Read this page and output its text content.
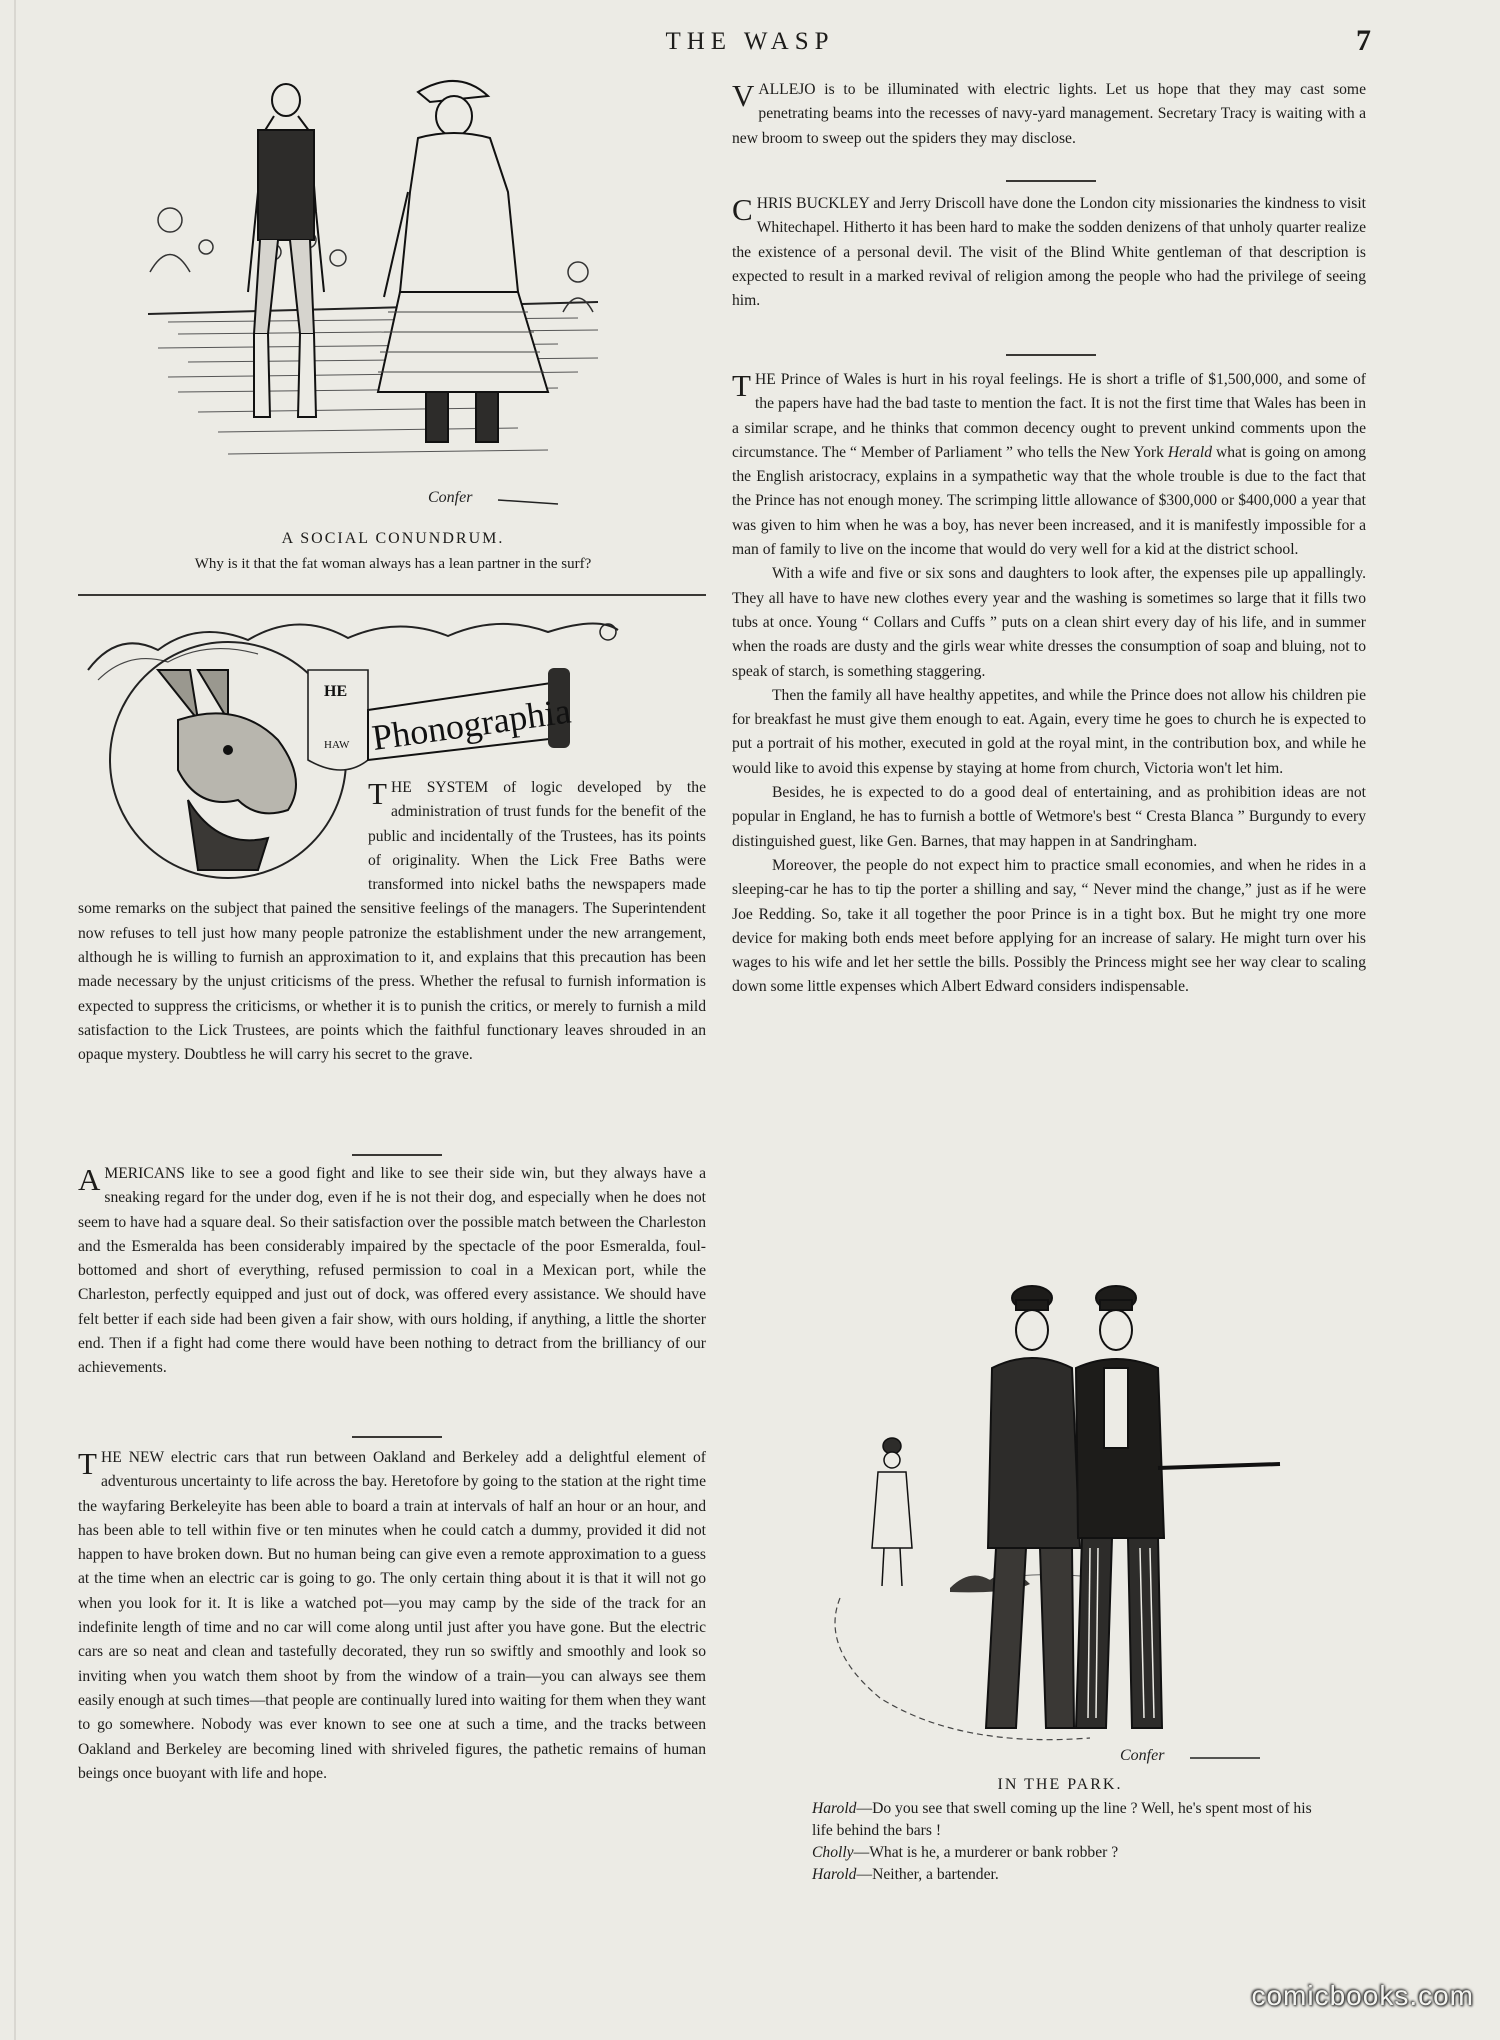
THE WASP	7
Confer
A SOCIAL CONUNDRUM.
Why is it that the fat woman always has a lean partner in the surf?
HE
HAW Phonographia

THE SYSTEM of logic developed by the administration of trust funds for the benefit of the public and incidentally of the Trustees, has its points of originality. When the Lick Free Baths were transformed into nickel baths the newspapers made some remarks on the subject that pained the sensitive feelings of the managers. The Superintendent now refuses to tell just how many people patronize the establishment under the new arrangement, although he is willing to furnish an approximation to it, and explains that this precaution has been made necessary by the unjust criticisms of the press. Whether the refusal to furnish information is expected to suppress the criticisms, or whether it is to punish the critics, or merely to furnish a mild satisfaction to the Lick Trustees, are points which the faithful functionary leaves shrouded in an opaque mystery. Doubtless he will carry his secret to the grave.

AMERICANS like to see a good fight and like to see their side win, but they always have a sneaking regard for the under dog, even if he is not their dog, and especially when he does not seem to have had a square deal. So their satisfaction over the possible match between the Charleston and the Esmeralda has been considerably impaired by the spectacle of the poor Esmeralda, foul-bottomed and short of everything, refused permission to coal in a Mexican port, while the Charleston, perfectly equipped and just out of dock, was offered every assistance. We should have felt better if each side had been given a fair show, with ours holding, if anything, a little the shorter end. Then if a fight had come there would have been nothing to detract from the brilliancy of our achievements.

THE NEW electric cars that run between Oakland and Berkeley add a delightful element of adventurous uncertainty to life across the bay. Heretofore by going to the station at the right time the wayfaring Berkeleyite has been able to board a train at intervals of half an hour or an hour, and has been able to tell within five or ten minutes when he could catch a dummy, provided it did not happen to have broken down. But no human being can give even a remote approximation to a guess at the time when an electric car is going to go. The only certain thing about it is that it will not go when you look for it. It is like a watched pot—you may camp by the side of the track for an indefinite length of time and no car will come along until just after you have gone. But the electric cars are so neat and clean and tastefully decorated, they run so swiftly and smoothly and look so inviting when you watch them shoot by from the window of a train—you can always see them easily enough at such times—that people are continually lured into waiting for them when they want to go somewhere. Nobody was ever known to see one at such a time, and the tracks between Oakland and Berkeley are becoming lined with shriveled figures, the pathetic remains of human beings once buoyant with life and hope.

VALLEJO is to be illuminated with electric lights. Let us hope that they may cast some penetrating beams into the recesses of navy-yard management. Secretary Tracy is waiting with a new broom to sweep out the spiders they may disclose.

CHRIS BUCKLEY and Jerry Driscoll have done the London city missionaries the kindness to visit Whitechapel. Hitherto it has been hard to make the sodden denizens of that unholy quarter realize the existence of a personal devil. The visit of the Blind White gentleman of that description is expected to result in a marked revival of religion among the people who had the privilege of seeing him.

THE Prince of Wales is hurt in his royal feelings. He is short a trifle of $1,500,000, and some of the papers have had the bad taste to mention the fact. It is not the first time that Wales has been in a similar scrape, and he thinks that common decency ought to prevent unkind comments upon the circumstance. The “ Member of Parliament ” who tells the New York Herald what is going on among the English aristocracy, explains in a sympathetic way that the whole trouble is due to the fact that the Prince has not enough money. The scrimping little allowance of $300,000 or $400,000 a year that was given to him when he was a boy, has never been increased, and it is manifestly impossible for a man of family to live on the income that would do very well for a kid at the district school.

With a wife and five or six sons and daughters to look after, the expenses pile up appallingly. They all have to have new clothes every year and the washing is sometimes so large that it fills two tubs at once. Young “ Collars and Cuffs ” puts on a clean shirt every day of his life, and in summer when the roads are dusty and the girls wear white dresses the consumption of soap and bluing, not to speak of starch, is something staggering.

Then the family all have healthy appetites, and while the Prince does not allow his children pie for breakfast he must give them enough to eat. Again, every time he goes to church he is expected to put a portrait of his mother, executed in gold at the royal mint, in the contribution box, and while he would like to avoid this expense by staying at home from church, Victoria won't let him.

Besides, he is expected to do a good deal of entertaining, and as prohibition ideas are not popular in England, he has to furnish a bottle of Wetmore's best “ Cresta Blanca ” Burgundy to every distinguished guest, like Gen. Barnes, that may happen in at Sandringham.

Moreover, the people do not expect him to practice small economies, and when he rides in a sleeping-car he has to tip the porter a shilling and say, “ Never mind the change,” just as if he were Joe Redding. So, take it all together the poor Prince is in a tight box. But he might try one more device for making both ends meet before applying for an increase of salary. He might turn over his wages to his wife and let her settle the bills. Possibly the Princess might see her way clear to scaling down some little expenses which Albert Edward considers indispensable.

Confer
IN THE PARK.
Harold—Do you see that swell coming up the line ? Well, he's spent most of his life behind the bars !
Cholly—What is he, a murderer or bank robber ?
Harold—Neither, a bartender.
comicbooks.com
